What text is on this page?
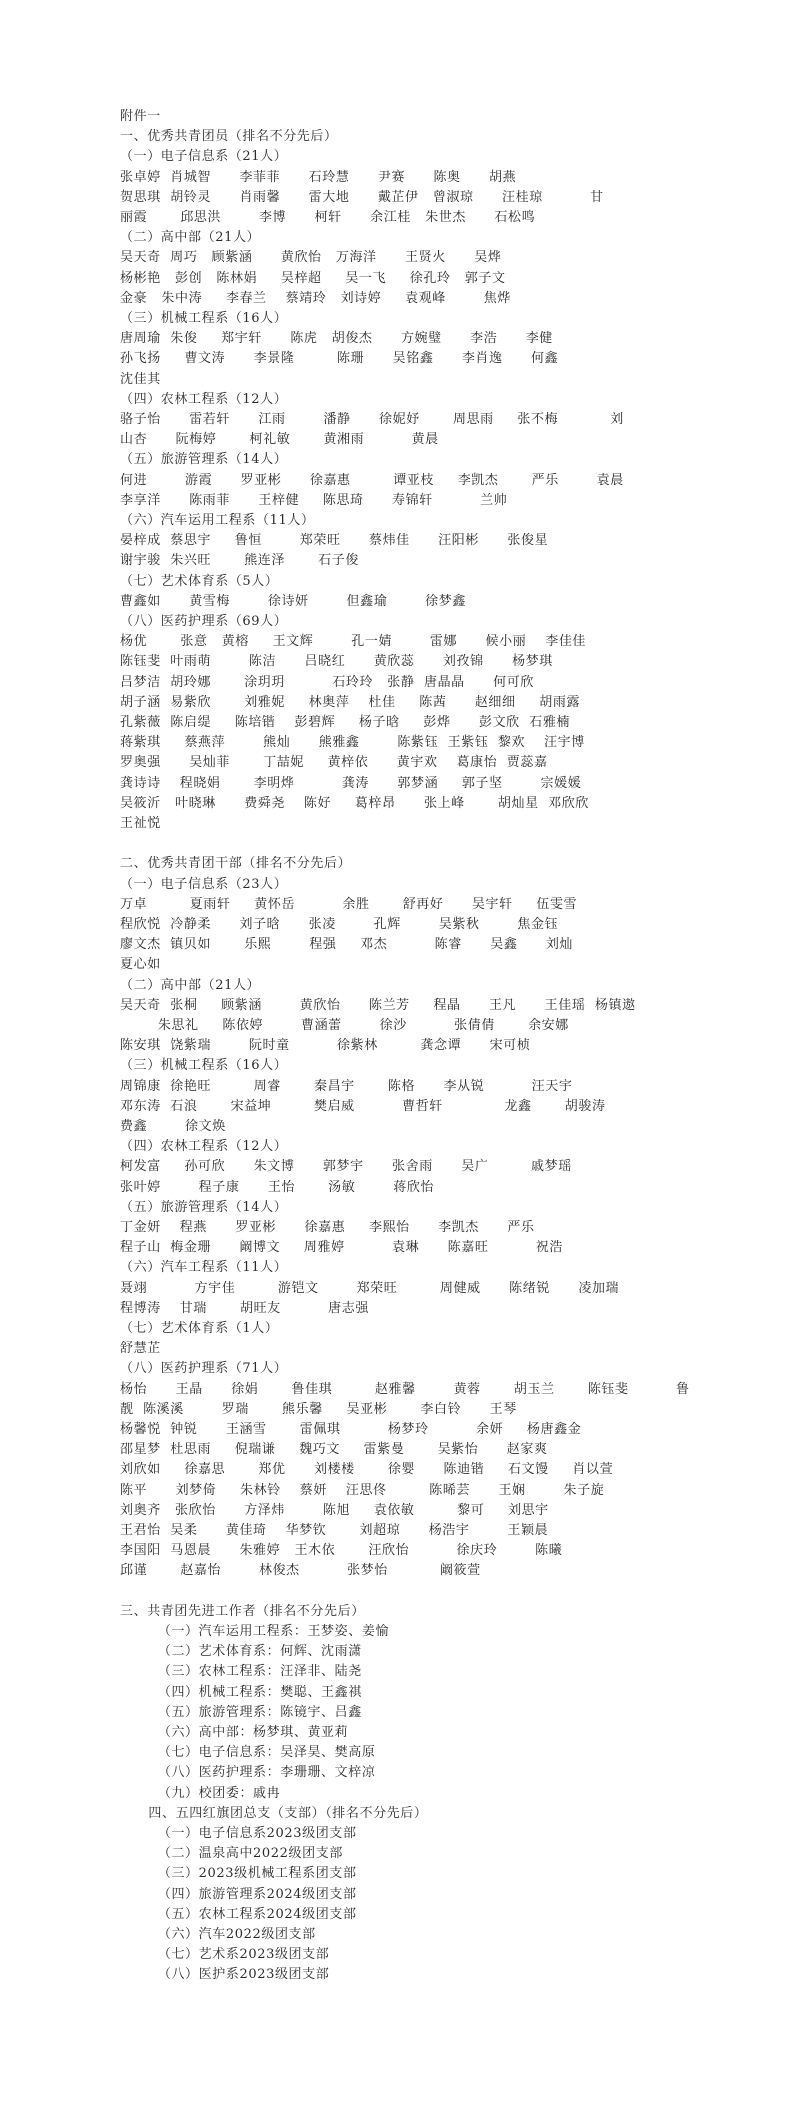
附件一
一、优秀共青团员（排名不分先后）
（一）电子信息系（21人）
张卓婷  肖城智      李菲菲      石玲慧      尹赛      陈奥      胡燕
贺思琪  胡铃灵      肖雨馨      雷大地      戴芷伊   曾淑琼      汪桂琼          甘
丽霞       邱思洪        李博      柯轩      余江桂   朱世杰      石松鸣
（二）高中部（21人）
吴天奇  周巧   顾紫涵      黄欣怡   万海洋      王贤火      吴烨
杨彬艳   彭创   陈林娟     吴梓超     吴一飞     徐孔玲   郭子文
金豪   朱中涛     李春兰    蔡靖玲   刘诗婷     袁观峰        焦烨
（三）机械工程系（16人）
唐周瑜  朱俊     郑宇轩      陈虎   胡俊杰      方婉璧      李浩      李健
孙飞扬     曹文涛      李景隆         陈珊      吴铭鑫      李肖逸      何鑫
沈佳其
（四）农林工程系（12人）
骆子怡      雷若轩      江雨        潘静      徐妮妤       周思雨     张不梅           刘
山杏      阮梅婷       柯礼敏       黄湘雨          黄晨
（五）旅游管理系（14人）
何进        游霞      罗亚彬      徐嘉惠         谭亚枝     李凯杰       严乐        袁晨
李享洋      陈雨菲      王梓健     陈思琦      寿锦轩          兰帅
（六）汽车运用工程系（11人）
晏梓成  蔡思宇     鲁恒        郑荣旺      蔡炜佳      汪阳彬      张俊星
谢宇骏  朱兴旺       熊连泽       石子俊
（七）艺术体育系（5人）
曹鑫如      黄雪梅        徐诗妍        但鑫瑜        徐梦鑫
（八）医药护理系（69人）
杨优       张意   黄榕     王文辉        孔一婧        雷娜      候小丽    李佳佳
陈钰斐  叶雨萌        陈洁      吕晓红      黄欣蕊      刘孜锦      杨梦琪
吕梦洁  胡玲娜       涂玥玥          石玲玲   张静  唐晶晶      何可欣
胡子涵  易紫欣       刘雅妮     林奥萍    杜佳     陈茜      赵细细     胡雨露
孔紫薇  陈启缇     陈培锴    彭碧辉     杨子晗     彭烨      彭文欣  石雅楠
蒋紫琪     蔡燕萍        熊灿      熊雅鑫        陈紫钰  王紫钰  黎欢    汪宇博
罗奥强      吴灿菲       丁喆妮     黄梓依      黄宇欢    葛康怡  贾蕊嘉
龚诗诗    程晓娟       李明烨          龚涛      郭梦涵     郭子坚        宗媛媛
吴筱沂   叶晓琳      费舜尧    陈好     葛梓昂      张上峰       胡灿星  邓欣欣
王祉悦
二、优秀共青团干部（排名不分先后）
（一）电子信息系（23人）
万卓         夏雨轩     黄怀岳          余胜       舒再好      吴宇轩     伍雯雪
程欣悦  冷静柔      刘子晗      张凌        孔辉        吴紫秋        焦金钰
廖文杰  镇贝如       乐熙        程强     邓杰          陈睿      吴鑫      刘灿
夏心如
（二）高中部（21人）
吴天奇  张桐     顾紫涵        黄欣怡      陈兰芳     程晶      王凡      王佳瑶  杨镇遨
朱思礼     陈依婷        曹涵蕾        徐沙          张倩倩       余安娜
陈安琪  饶紫瑞        阮时童          徐紫林         龚念谭      宋可桢
（三）机械工程系（16人）
周锦康  徐艳旺         周睿       秦昌宇       陈格      李从锐          汪天宇
邓东涛  石浪       宋益坤         樊启威          曹哲轩             龙鑫       胡骏涛
费鑫        徐文焕
（四）农林工程系（12人）
柯发富     孙可欣      朱文博      郭梦宇      张舍雨      吴广         戚梦瑶
张叶婷        程子康      王怡       汤敏        蒋欣怡
（五）旅游管理系（14人）
丁金妍    程燕      罗亚彬      徐嘉惠     李熙怡      李凯杰      严乐
程子山  梅金珊      阚博文     周雅婷          袁琳      陈嘉旺          祝浩
（六）汽车工程系（11人）
聂翊          方宇佳         游铠文        郑荣旺         周健威      陈绪锐      凌加瑞
程博涛    甘瑞       胡旺友          唐志强
（七）艺术体育系（1人）
舒慧芷
（八）医药护理系（71人）
杨怡      王晶      徐娟       鲁佳琪         赵雅馨        黄蓉       胡玉兰       陈钰斐          鲁
靓  陈溪溪        罗瑞       熊乐馨     吴亚彬       李白铃      王琴
杨馨悦  钟锐      王涵雪       雷佩琪          杨梦玲          余妍     杨唐鑫金
邵星梦  杜思雨     倪瑞谦     魏巧文     雷紫曼       吴紫怡      赵家爽
刘欣如     徐嘉思       郑优      刘楼楼       徐婴      陈迪锴     石文馒     肖以萱
陈平      刘梦倚     朱林铃    蔡妍    汪思佟         陈晞芸      王娴        朱子旋
刘奥齐   张欣怡      方泽炜        陈旭     袁依敏         黎可     刘思宇
王君怡  吴柔      黄佳琦    华梦钦       刘超琼      杨浩宇        王颖晨
李国阳  马恩晨      朱雅婷   王木依       汪欣怡          徐庆玲        陈曦
邱谨       赵嘉怡        林俊杰          张梦怡           阚筱萱
三、共青团先进工作者（排名不分先后）
（一）汽车运用工程系：王梦姿、姜愉
（二）艺术体育系：何辉、沈雨潇
（三）农林工程系：汪泽非、陆尧
（四）机械工程系：樊聪、王鑫祺
（五）旅游管理系：陈镜宇、吕鑫
（六）高中部：杨梦琪、黄亚莉
（七）电子信息系：吴泽昊、樊高原
（八）医药护理系：李珊珊、文梓凉
（九）校团委：戚冉
四、五四红旗团总支（支部）（排名不分先后）
（一）电子信息系2023级团支部
（二）温泉高中2022级团支部
（三）2023级机械工程系团支部
（四）旅游管理系2024级团支部
（五）农林工程系2024级团支部
（六）汽车2022级团支部
（七）艺术系2023级团支部
（八）医护系2023级团支部
